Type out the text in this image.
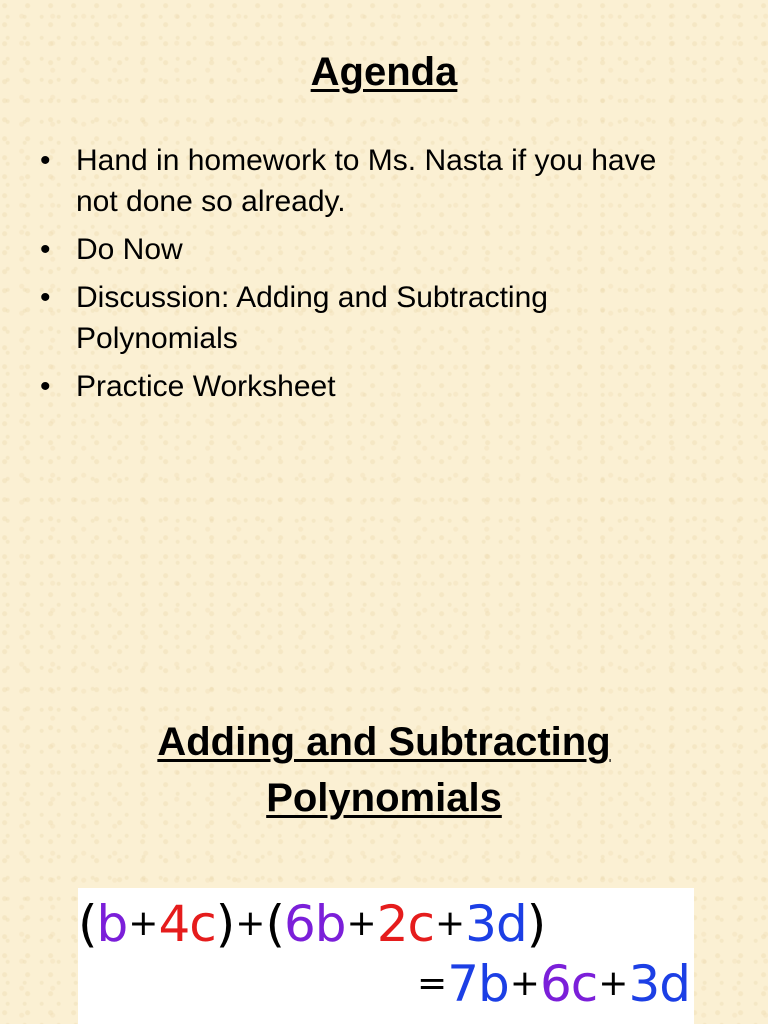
Agenda
• Hand in homework to Ms. Nasta if you have not done so already.
• Do Now
• Discussion: Adding and Subtracting Polynomials
• Practice Worksheet
Adding and Subtracting
Polynomials
(b+4c)+(6b+2c+3d)
=7b+6c+3d
